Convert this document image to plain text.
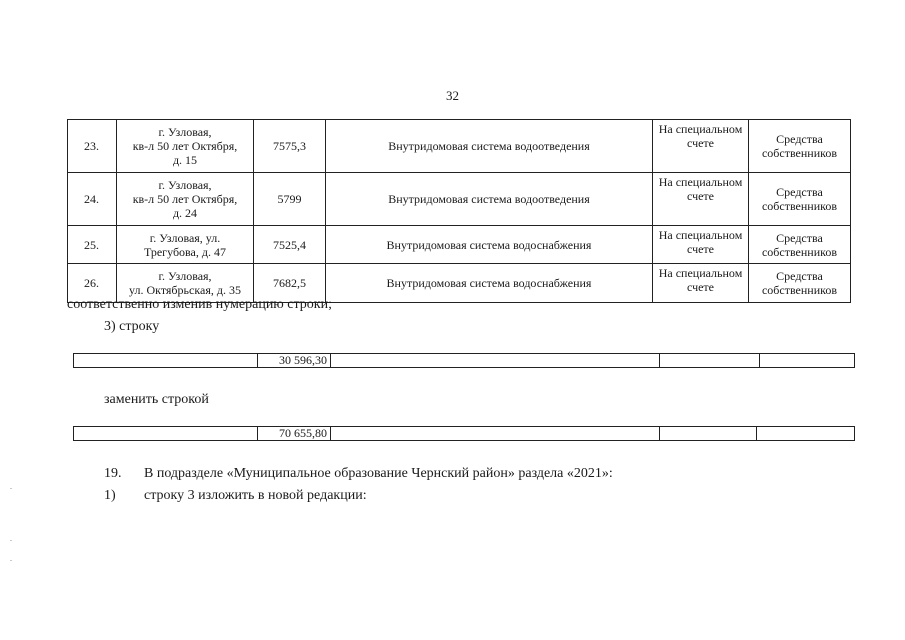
32
23.	г. Узловая,
кв-л 50 лет Октября,
д. 15	7575,3	Внутридомовая система водоотведения	На специальном
счете	Средства
собственников

24.	г. Узловая,
кв-л 50 лет Октября,
д. 24	5799	Внутридомовая система водоотведения	На специальном
счете	Средства
собственников

25.	г. Узловая, ул.
Трегубова, д. 47	7525,4	Внутридомовая система водоснабжения	На специальном
счете	Средства
собственников

26.	г. Узловая,
ул. Октябрьская, д. 35	7682,5	Внутридомовая система водоснабжения	На специальном
счете	Средства
собственников
соответственно изменив нумерацию строки;
3) строку
	30 596,30			
заменить строкой
	70 655,80			
19. В подразделе «Муниципальное образование Чернский район» раздела «2021»:
1) строку 3 изложить в новой редакции:
